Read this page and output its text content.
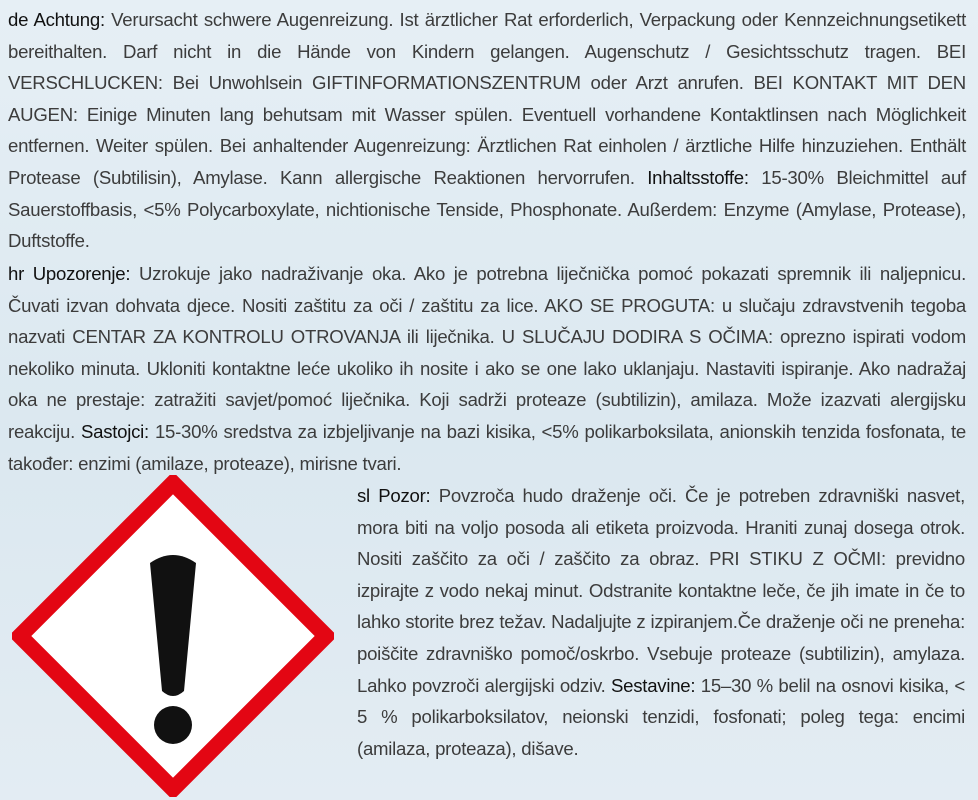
de Achtung: Verursacht schwere Augenreizung. Ist ärztlicher Rat erforderlich, Verpackung oder Kennzeichnungsetikett bereithalten. Darf nicht in die Hände von Kindern gelangen. Augenschutz / Gesichtsschutz tragen. BEI VERSCHLUCKEN: Bei Unwohlsein GIFTINFORMATIONSZENTRUM oder Arzt anrufen. BEI KONTAKT MIT DEN AUGEN: Einige Minuten lang behutsam mit Wasser spülen. Eventuell vorhandene Kontaktlinsen nach Möglichkeit entfernen. Weiter spülen. Bei anhaltender Augenreizung: Ärztlichen Rat einholen / ärztliche Hilfe hinzuziehen. Enthält Protease (Subtilisin), Amylase. Kann allergische Reaktionen hervorrufen. Inhaltsstoffe: 15-30% Bleichmittel auf Sauerstoffbasis, <5% Polycarboxylate, nichtionische Tenside, Phosphonate. Außerdem: Enzyme (Amylase, Protease), Duftstoffe.
hr Upozorenje: Uzrokuje jako nadraživanje oka. Ako je potrebna liječnička pomoć pokazati spremnik ili naljepnicu. Čuvati izvan dohvata djece. Nositi zaštitu za oči / zaštitu za lice. AKO SE PROGUTA: u slučaju zdravstvenih tegoba nazvati CENTAR ZA KONTROLU OTROVANJA ili liječnika. U SLUČAJU DODIRA S OČIMA: oprezno ispirati vodom nekoliko minuta. Ukloniti kontaktne leće ukoliko ih nosite i ako se one lako uklanjaju. Nastaviti ispiranje. Ako nadražaj oka ne prestaje: zatražiti savjet/pomoć liječnika. Koji sadrži proteaze (subtilizin), amilaza. Može izazvati alergijsku reakciju. Sastojci: 15-30% sredstva za izbjeljivanje na bazi kisika, <5% polikarboksilata, anionskih tenzida fosfonata, te također: enzimi (amilaze, proteaze), mirisne tvari.
sl Pozor: Povzroča hudo draženje oči. Če je potreben zdravniški nasvet, mora biti na voljo posoda ali etiketa proizvoda. Hraniti zunaj dosega otrok. Nositi zaščito za oči / zaščito za obraz. PRI STIKU Z OČMI: previdno izpirajte z vodo nekaj minut. Odstranite kontaktne leče, če jih imate in če to lahko storite brez težav. Nadaljujte z izpiranjem.Če draženje oči ne preneha: poiščite zdravniško pomoč/oskrbo. Vsebuje proteaze (subtilizin), amylaza. Lahko povzroči alergijski odziv. Sestavine: 15–30 % belil na osnovi kisika, < 5 % polikarboksilatov, neionski tenzidi, fosfonati; poleg tega: encimi (amilaza, proteaza), dišave.
